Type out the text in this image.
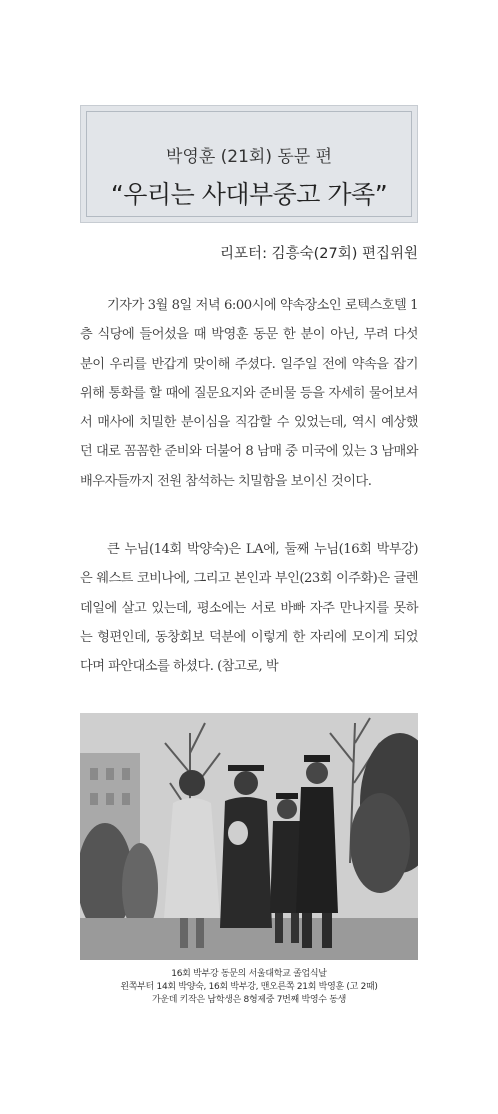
박영훈 (21회) 동문 편
“우리는 사대부중고 가족”
리포터: 김흥숙(27회) 편집위원

기자가 3월 8일 저녁 6:00시에 약속장소인 로텍스호텔 1층 식당에 들어섰을 때 박영훈 동문 한 분이 아닌, 무려 다섯 분이 우리를 반갑게 맞이해 주셨다. 일주일 전에 약속을 잡기 위해 통화를 할 때에 질문요지와 준비물 등을 자세히 물어보셔서 매사에 치밀한 분이심을 직감할 수 있었는데, 역시 예상했던 대로 꼼꼼한 준비와 더불어 8 남매 중 미국에 있는 3 남매와 배우자들까지 전원 참석하는 치밀함을 보이신 것이다.

큰 누님(14회 박양숙)은 LA에, 둘째 누님(16회 박부강)은 웨스트 코비나에, 그리고 본인과 부인(23회 이주화)은 글렌데일에 살고 있는데, 평소에는 서로 바빠 자주 만나지를 못하는 형편인데, 동창회보 덕분에 이렇게 한 자리에 모이게 되었다며 파안대소를 하셨다. (참고로, 박

16회 박부강 동문의 서울대학교 졸업식날
왼쪽부터 14회 박양숙, 16회 박부강, 맨오른쪽 21회 박영훈 (고 2때)
가운데 키작은 남학생은 8형제중 7번째 박영수 동생
